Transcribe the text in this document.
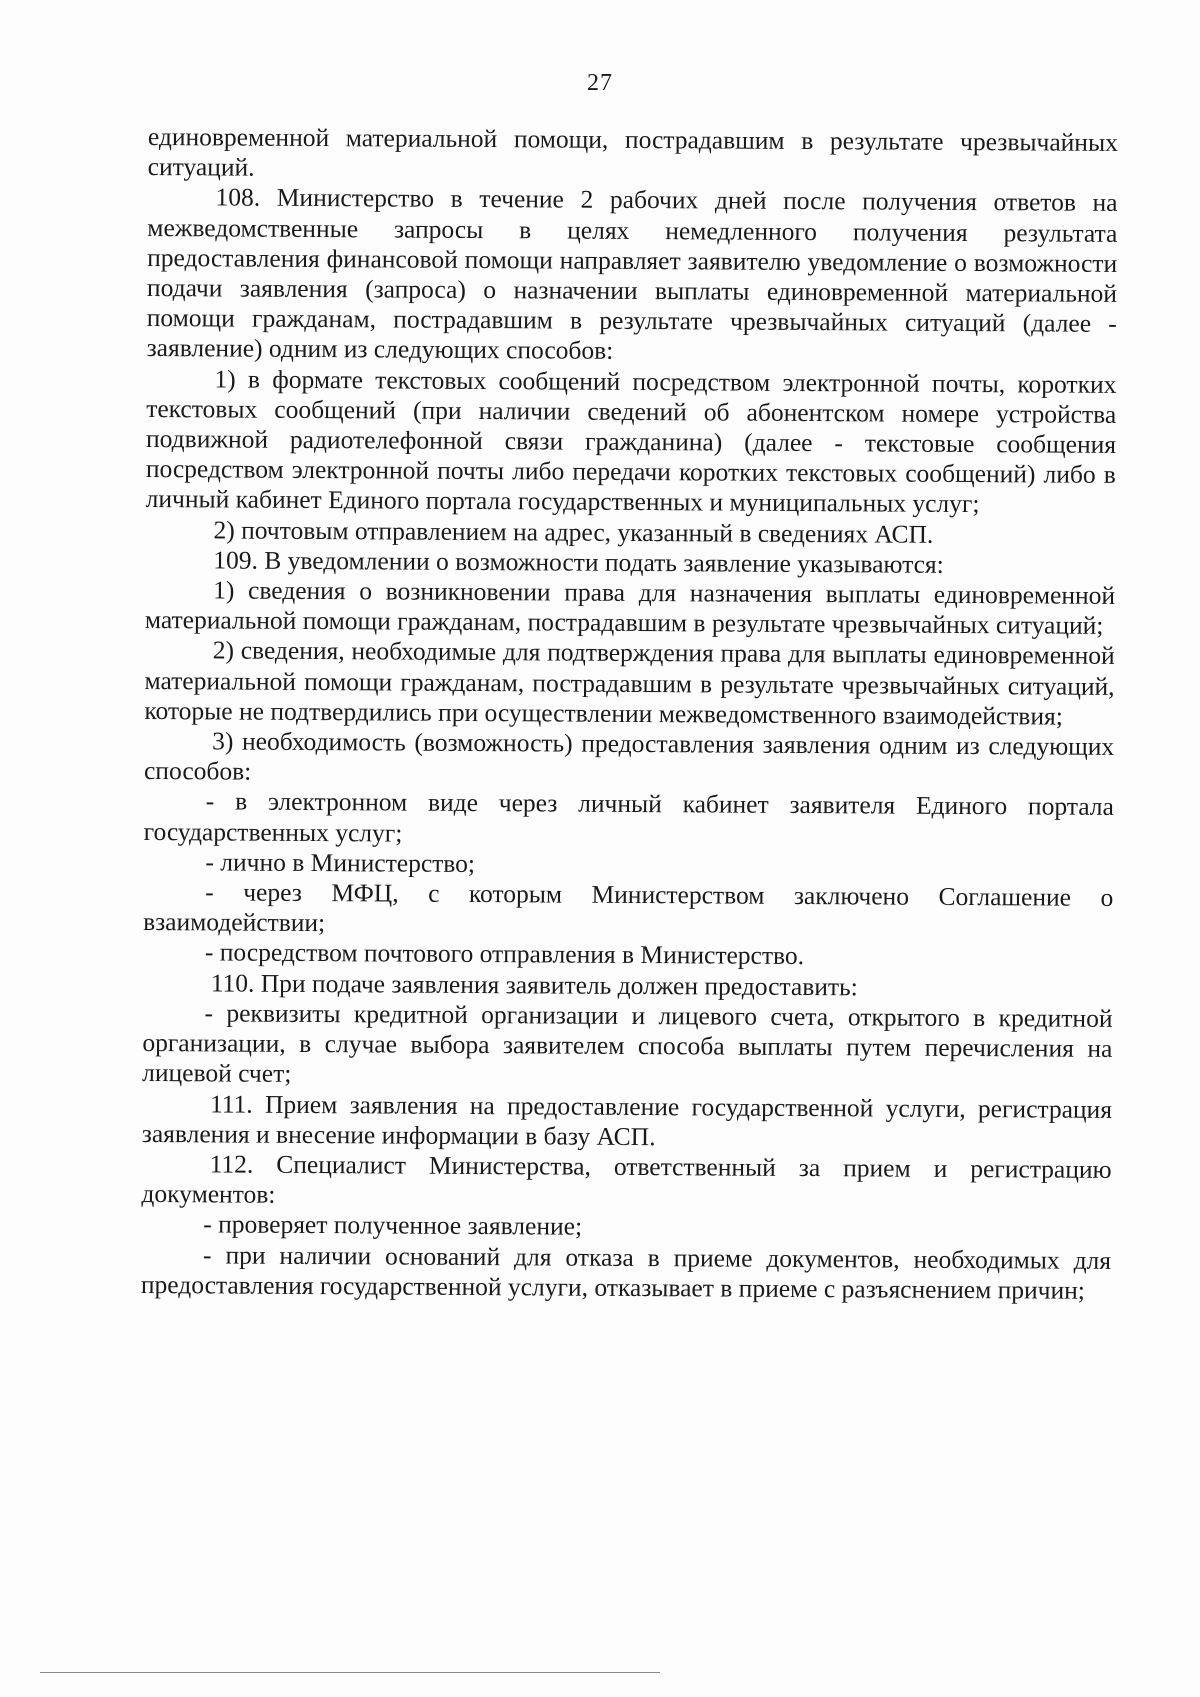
27

единовременной материальной помощи, пострадавшим в результате чрезвычайных ситуаций.

108. Министерство в течение 2 рабочих дней после получения ответов на межведомственные запросы в целях немедленного получения результата предоставления финансовой помощи направляет заявителю уведомление о возможности подачи заявления (запроса) о назначении выплаты единовременной материальной помощи гражданам, пострадавшим в результате чрезвычайных ситуаций (далее - заявление) одним из следующих способов:

1) в формате текстовых сообщений посредством электронной почты, коротких текстовых сообщений (при наличии сведений об абонентском номере устройства подвижной радиотелефонной связи гражданина) (далее - текстовые сообщения посредством электронной почты либо передачи коротких текстовых сообщений) либо в личный кабинет Единого портала государственных и муниципальных услуг;

2) почтовым отправлением на адрес, указанный в сведениях АСП.

109. В уведомлении о возможности подать заявление указываются:

1) сведения о возникновении права для назначения выплаты единовременной материальной помощи гражданам, пострадавшим в результате чрезвычайных ситуаций;

2) сведения, необходимые для подтверждения права для выплаты единовременной материальной помощи гражданам, пострадавшим в результате чрезвычайных ситуаций, которые не подтвердились при осуществлении межведомственного взаимодействия;

3) необходимость (возможность) предоставления заявления одним из следующих способов:

- в электронном виде через личный кабинет заявителя Единого портала государственных услуг;

- лично в Министерство;

- через МФЦ, с которым Министерством заключено Соглашение о взаимодействии;

- посредством почтового отправления в Министерство.

110. При подаче заявления заявитель должен предоставить:

- реквизиты кредитной организации и лицевого счета, открытого в кредитной организации, в случае выбора заявителем способа выплаты путем перечисления на лицевой счет;

111. Прием заявления на предоставление государственной услуги, регистрация заявления и внесение информации в базу АСП.

112. Специалист Министерства, ответственный за прием и регистрацию документов:

- проверяет полученное заявление;

- при наличии оснований для отказа в приеме документов, необходимых для предоставления государственной услуги, отказывает в приеме с разъяснением причин;
